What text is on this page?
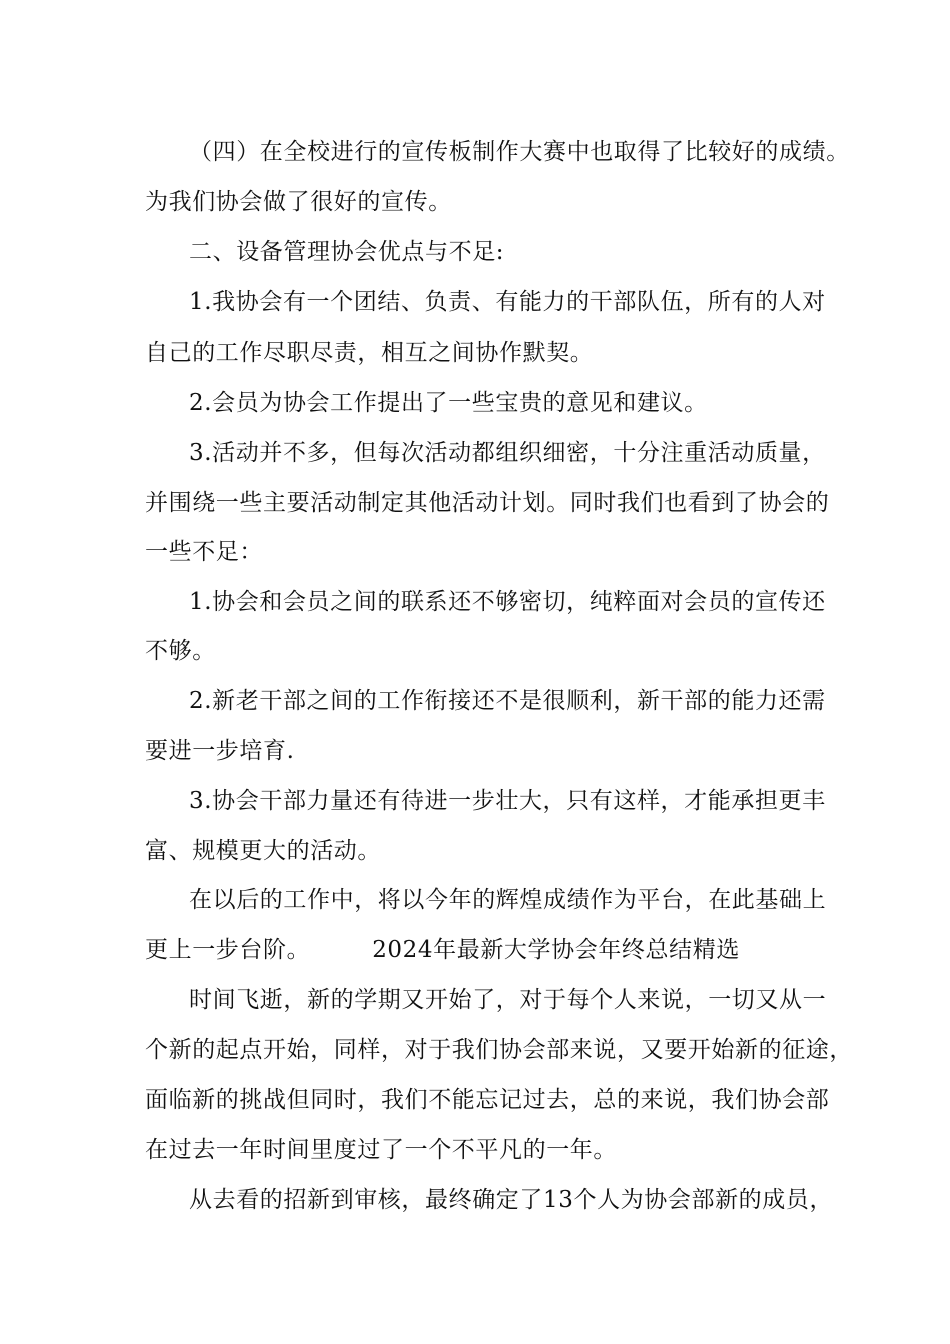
（四）在全校进行的宣传板制作大赛中也取得了比较好的成绩。
为我们协会做了很好的宣传。
二、设备管理协会优点与不足:
1.我协会有一个团结、负责、有能力的干部队伍，所有的人对
自己的工作尽职尽责，相互之间协作默契。
2.会员为协会工作提出了一些宝贵的意见和建议。
3.活动并不多，但每次活动都组织细密，十分注重活动质量，
并围绕一些主要活动制定其他活动计划。同时我们也看到了协会的
一些不足：
1.协会和会员之间的联系还不够密切，纯粹面对会员的宣传还
不够。
2.新老干部之间的工作衔接还不是很顺利，新干部的能力还需
要进一步培育.
3.协会干部力量还有待进一步壮大，只有这样，才能承担更丰
富、规模更大的活动。
在以后的工作中，将以今年的辉煌成绩作为平台，在此基础上
更上一步台阶。	2024年最新大学协会年终总结精选
时间飞逝，新的学期又开始了，对于每个人来说，一切又从一
个新的起点开始，同样，对于我们协会部来说，又要开始新的征途，
面临新的挑战但同时，我们不能忘记过去，总的来说，我们协会部
在过去一年时间里度过了一个不平凡的一年。
从去看的招新到审核，最终确定了13个人为协会部新的成员，
